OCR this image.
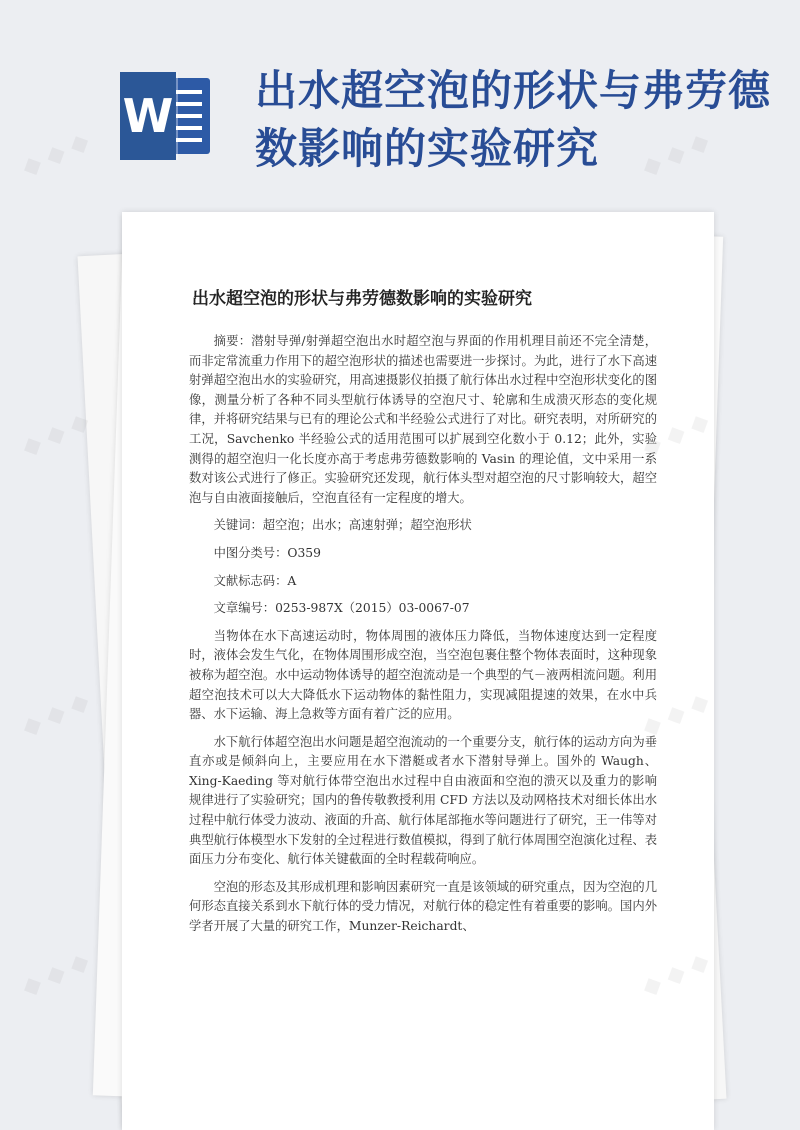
W 出水超空泡的形状与弗劳德数影响的实验研究
出水超空泡的形状与弗劳德数影响的实验研究

摘要：潜射导弹/射弹超空泡出水时超空泡与界面的作用机理目前还不完全清楚，而非定常流重力作用下的超空泡形状的描述也需要进一步探讨。为此，进行了水下高速射弹超空泡出水的实验研究，用高速摄影仪拍摄了航行体出水过程中空泡形状变化的图像，测量分析了各种不同头型航行体诱导的空泡尺寸、轮廓和生成溃灭形态的变化规律，并将研究结果与已有的理论公式和半经验公式进行了对比。研究表明，对所研究的工况，Savchenko 半经验公式的适用范围可以扩展到空化数小于 0.12；此外，实验测得的超空泡归一化长度亦高于考虑弗劳德数影响的 Vasin 的理论值，文中采用一系数对该公式进行了修正。实验研究还发现，航行体头型对超空泡的尺寸影响较大，超空泡与自由液面接触后，空泡直径有一定程度的增大。

关键词：超空泡；出水；高速射弹；超空泡形状

中图分类号：O359

文献标志码：A

文章编号：0253-987X（2015）03-0067-07

当物体在水下高速运动时，物体周围的液体压力降低，当物体速度达到一定程度时，液体会发生气化，在物体周围形成空泡，当空泡包裹住整个物体表面时，这种现象被称为超空泡。水中运动物体诱导的超空泡流动是一个典型的气－液两相流问题。利用超空泡技术可以大大降低水下运动物体的黏性阻力，实现减阻提速的效果，在水中兵器、水下运输、海上急救等方面有着广泛的应用。

水下航行体超空泡出水问题是超空泡流动的一个重要分支，航行体的运动方向为垂直亦或是倾斜向上，主要应用在水下潜艇或者水下潜射导弹上。国外的 Waugh、Xing-Kaeding 等对航行体带空泡出水过程中自由液面和空泡的溃灭以及重力的影响规律进行了实验研究；国内的鲁传敬教授利用 CFD 方法以及动网格技术对细长体出水过程中航行体受力波动、液面的升高、航行体尾部拖水等问题进行了研究，王一伟等对典型航行体模型水下发射的全过程进行数值模拟，得到了航行体周围空泡演化过程、表面压力分布变化、航行体关键截面的全时程载荷响应。

空泡的形态及其形成机理和影响因素研究一直是该领域的研究重点，因为空泡的几何形态直接关系到水下航行体的受力情况，对航行体的稳定性有着重要的影响。国内外学者开展了大量的研究工作，Munzer-Reichardt、

◆ ◆ ◆	◆ ◆ ◆
◆ ◆ ◆
◆ ◆ ◆
◆ ◆ ◆
